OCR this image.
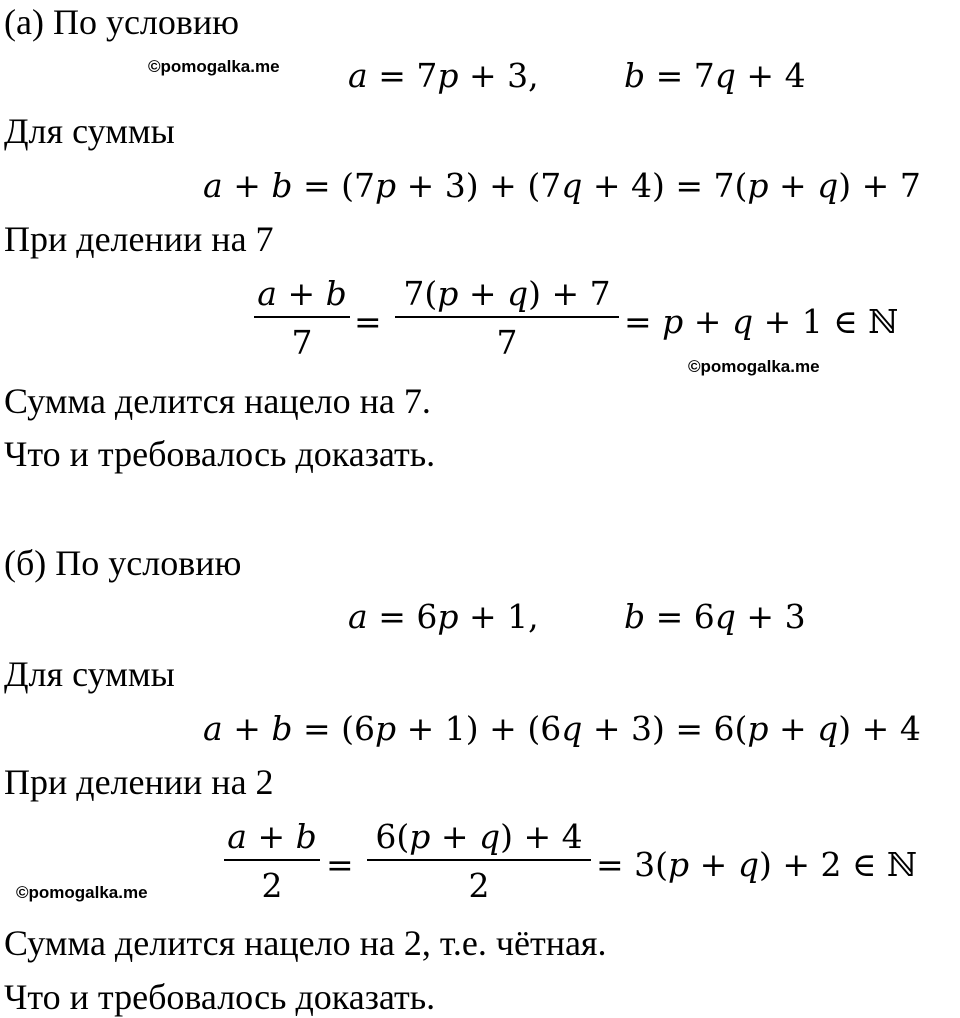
(а) По условию
©pomogalka.me a = 7p + 3,	b = 7q + 4
Для суммы
a + b = (7p + 3) + (7q + 4) = 7(p + q) + 7
При делении на 7
a + b
7
=
7(p + q) + 7
7
= p + q + 1 ∈ ℕ
©pomogalka.me
Сумма делится нацело на 7.
Что и требовалось доказать.
(б) По условию
a = 6p + 1,	b = 6q + 3
Для суммы
a + b = (6p + 1) + (6q + 3) = 6(p + q) + 4
При делении на 2
a + b
2
=
6(p + q) + 4
2
= 3(p + q) + 2 ∈ ℕ
©pomogalka.me
Сумма делится нацело на 2, т.е. чётная.
Что и требовалось доказать.
